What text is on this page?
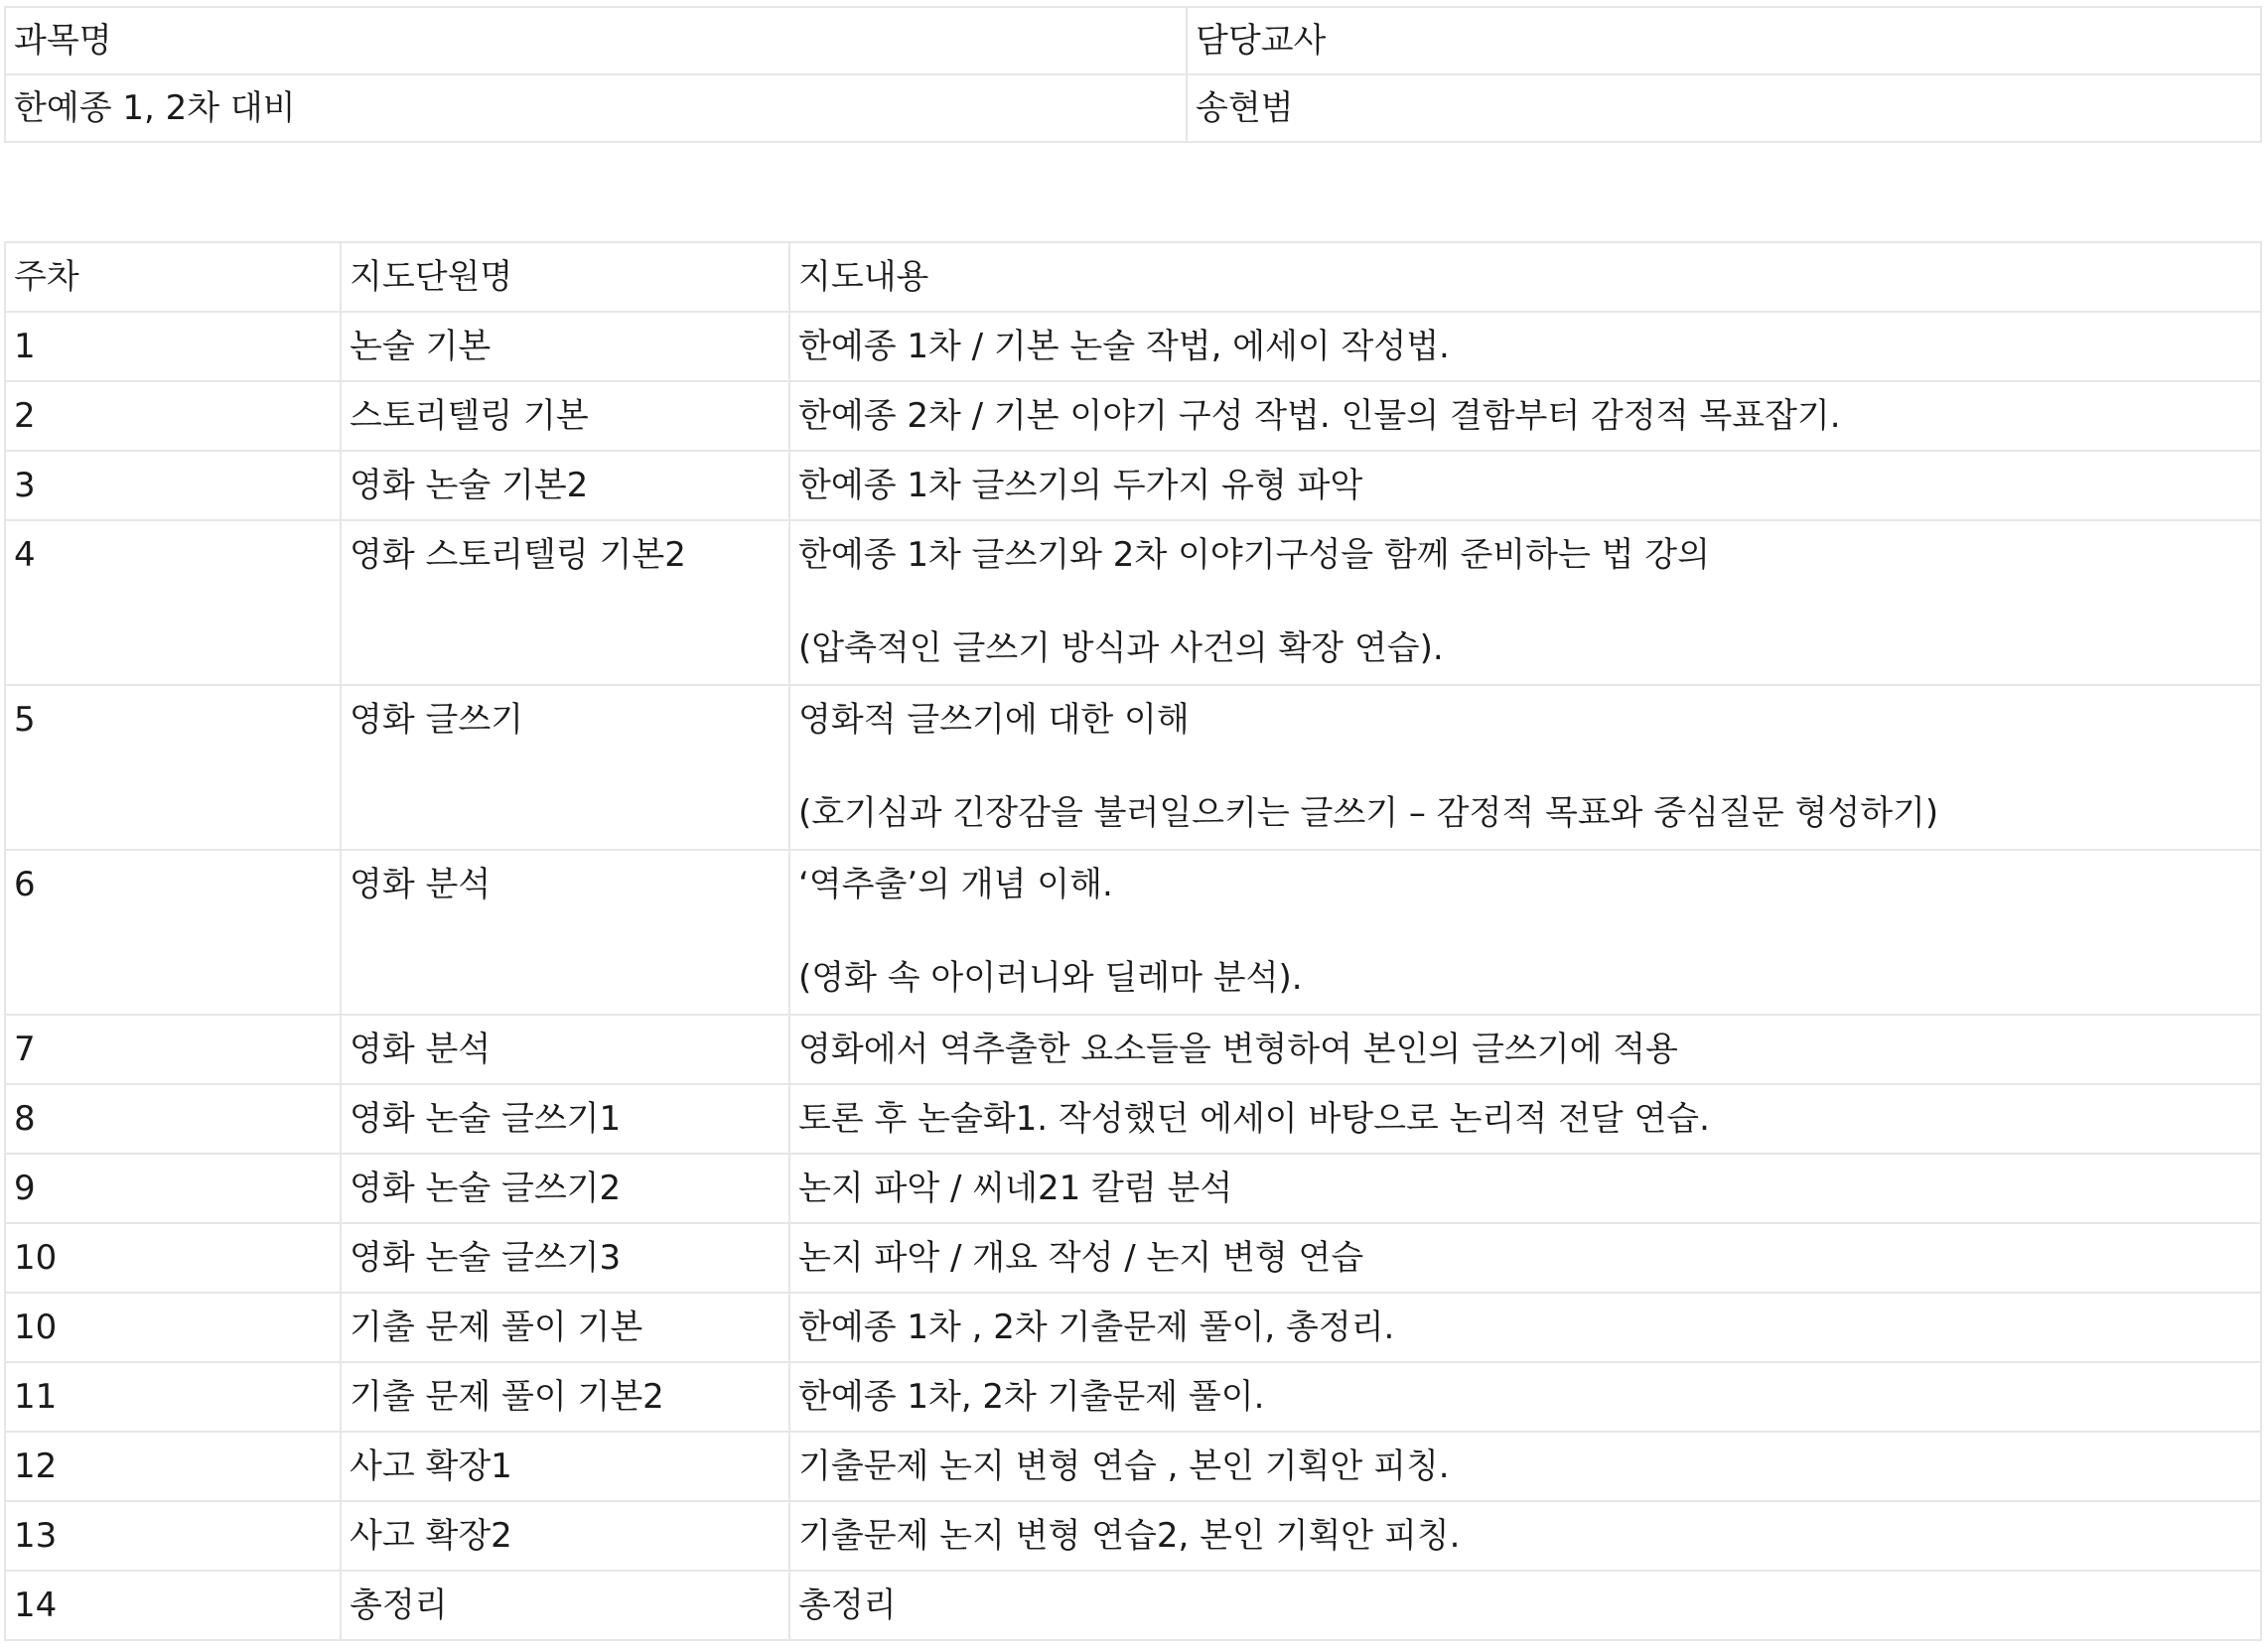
과목명	담당교사
한예종 1, 2차 대비	송현범
주차	지도단원명	지도내용
1	논술 기본	한예종 1차 / 기본 논술 작법, 에세이 작성법.
2	스토리텔링 기본	한예종 2차 / 기본 이야기 구성 작법. 인물의 결함부터 감정적 목표잡기.
3	영화 논술 기본2	한예종 1차 글쓰기의 두가지 유형 파악
4	영화 스토리텔링 기본2	한예종 1차 글쓰기와 2차 이야기구성을 함께 준비하는 법 강의
(압축적인 글쓰기 방식과 사건의 확장 연습).

5	영화 글쓰기	영화적 글쓰기에 대한 이해
(호기심과 긴장감을 불러일으키는 글쓰기 – 감정적 목표와 중심질문 형성하기)

6	영화 분석	‘역추출’의 개념 이해.
(영화 속 아이러니와 딜레마 분석).

7	영화 분석	영화에서 역추출한 요소들을 변형하여 본인의 글쓰기에 적용
8	영화 논술 글쓰기1	토론 후 논술화1. 작성했던 에세이 바탕으로 논리적 전달 연습.
9	영화 논술 글쓰기2	논지 파악 / 씨네21 칼럼 분석
10	영화 논술 글쓰기3	논지 파악 / 개요 작성 / 논지 변형 연습
10	기출 문제 풀이 기본	한예종 1차 , 2차 기출문제 풀이, 총정리.
11	기출 문제 풀이 기본2	한예종 1차, 2차 기출문제 풀이.
12	사고 확장1	기출문제 논지 변형 연습 , 본인 기획안 피칭.
13	사고 확장2	기출문제 논지 변형 연습2, 본인 기획안 피칭.
14	총정리	총정리
